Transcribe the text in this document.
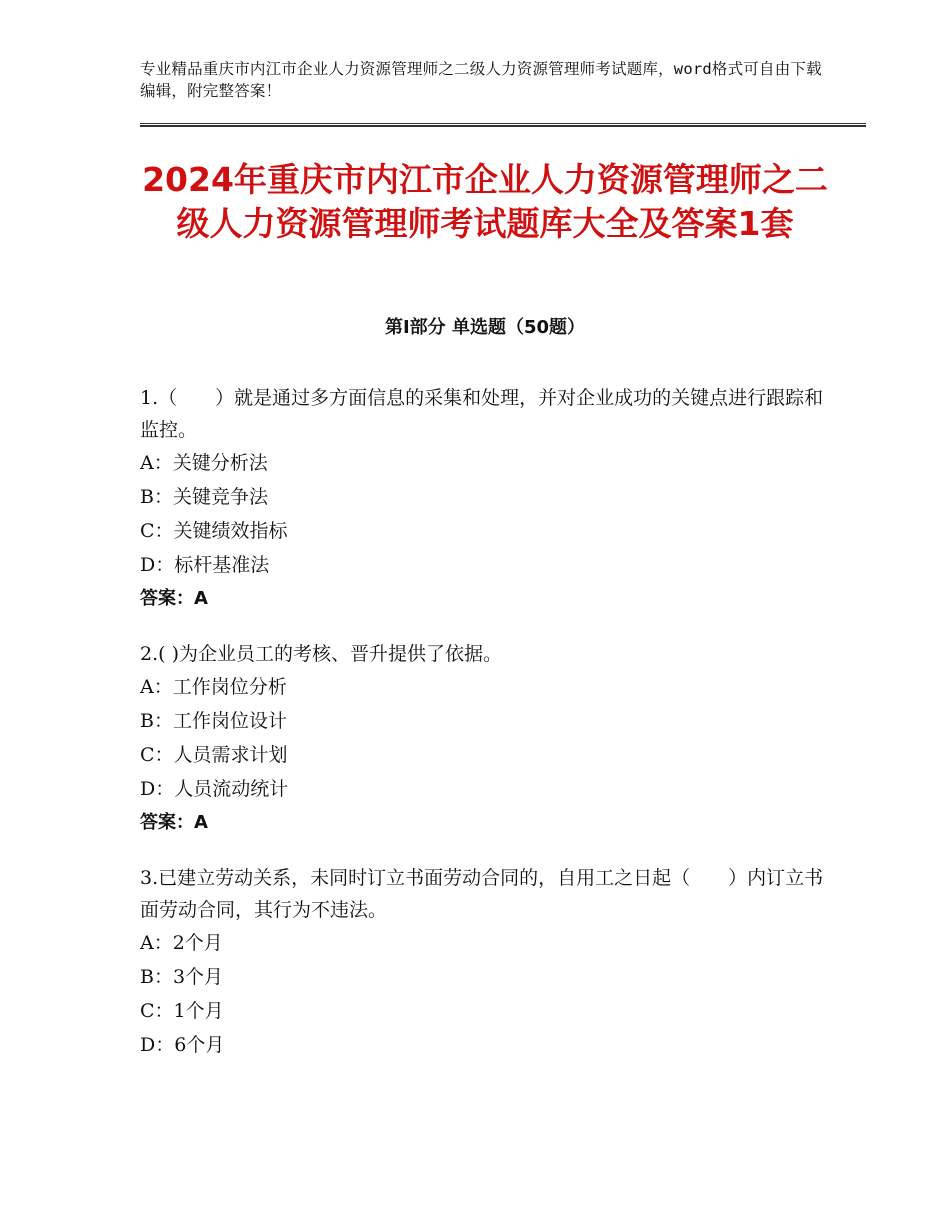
专业精品重庆市内江市企业人力资源管理师之二级人力资源管理师考试题库，word格式可自由下载编辑，附完整答案！
2024年重庆市内江市企业人力资源管理师之二级人力资源管理师考试题库大全及答案1套
第I部分 单选题（50题）
1.（　　）就是通过多方面信息的采集和处理，并对企业成功的关键点进行跟踪和监控。
A：关键分析法
B：关键竞争法
C：关键绩效指标
D：标杆基准法
答案：A
2.( )为企业员工的考核、晋升提供了依据。
A：工作岗位分析
B：工作岗位设计
C：人员需求计划
D：人员流动统计
答案：A
3.已建立劳动关系，未同时订立书面劳动合同的，自用工之日起（　　）内订立书面劳动合同，其行为不违法。
A：2个月
B：3个月
C：1个月
D：6个月
